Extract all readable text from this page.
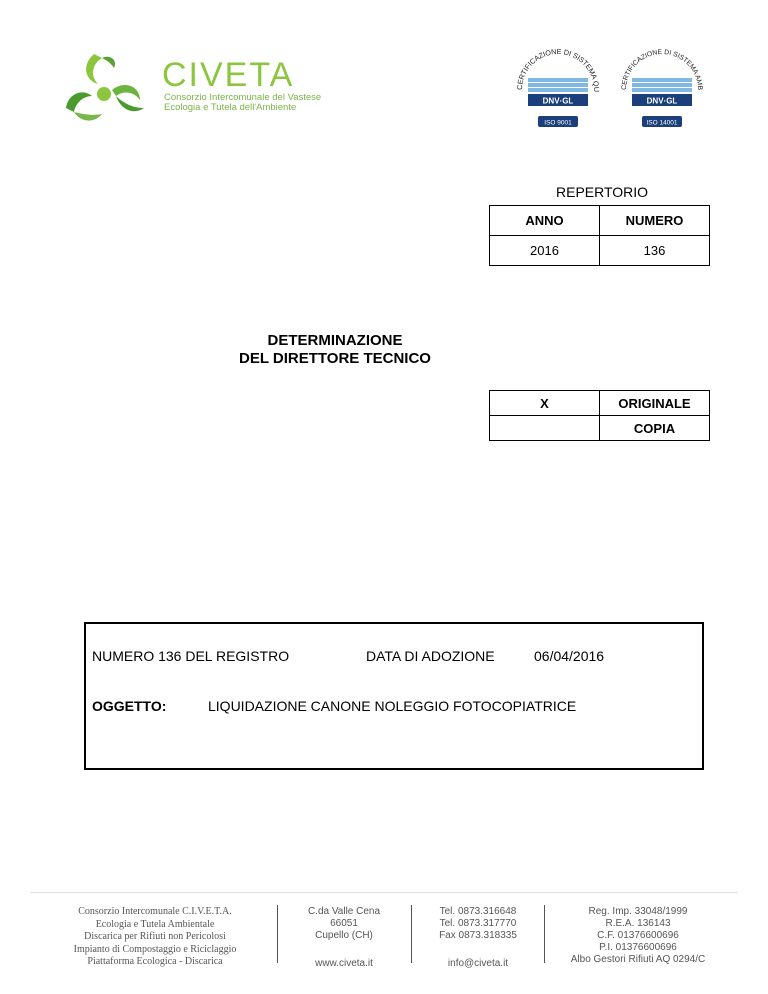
CIVETA
Consorzio Intercomunale del Vastese
Ecologia e Tutela dell'Ambiente
CERTIFICAZIONE DI SISTEMA QU
DNV·GL
ISO 9001
CERTIFICAZIONE DI SISTEMA AMB
DNV·GL
ISO 14001
REPERTORIO
ANNO	NUMERO
2016	136
DETERMINAZIONE
DEL DIRETTORE TECNICO
X	ORIGINALE
	COPIA
NUMERO 136 DEL REGISTRO	DATA DI ADOZIONE	06/04/2016
OGGETTO:	LIQUIDAZIONE CANONE NOLEGGIO FOTOCOPIATRICE
Consorzio Intercomunale C.I.V.E.T.A.
Ecologia e Tutela Ambientale
Discarica per Rifiuti non Pericolosi
Impianto di Compostaggio e Riciclaggio
Piattaforma Ecologica - Discarica
C.da Valle Cena
66051
Cupello (CH)
www.civeta.it
Tel. 0873.316648
Tel. 0873.317770
Fax 0873.318335
info@civeta.it
Reg. Imp. 33048/1999
R.E.A. 136143
C.F. 01376600696
P.I. 01376600696
Albo Gestori Rifiuti AQ 0294/C
